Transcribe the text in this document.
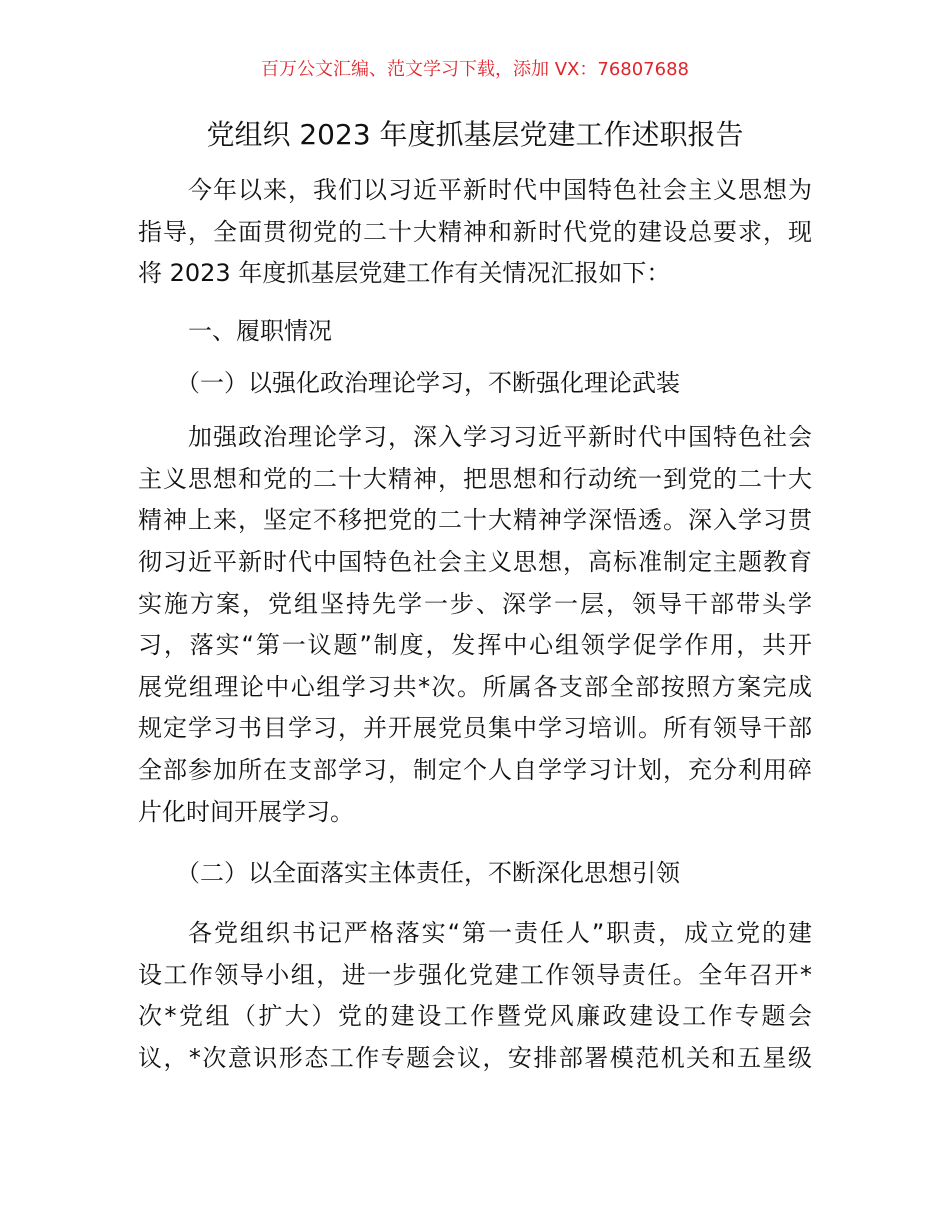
百万公文汇编、范文学习下载，添加 VX：76807688
党组织 2023 年度抓基层党建工作述职报告
今年以来，我们以习近平新时代中国特色社会主义思想为
指导，全面贯彻党的二十大精神和新时代党的建设总要求，现
将 2023 年度抓基层党建工作有关情况汇报如下：
一、履职情况
（一）以强化政治理论学习，不断强化理论武装
加强政治理论学习，深入学习习近平新时代中国特色社会
主义思想和党的二十大精神，把思想和行动统一到党的二十大
精神上来，坚定不移把党的二十大精神学深悟透。深入学习贯
彻习近平新时代中国特色社会主义思想，高标准制定主题教育
实施方案，党组坚持先学一步、深学一层，领导干部带头学
习，落实“第一议题”制度，发挥中心组领学促学作用，共开
展党组理论中心组学习共*次。所属各支部全部按照方案完成
规定学习书目学习，并开展党员集中学习培训。所有领导干部
全部参加所在支部学习，制定个人自学学习计划，充分利用碎
片化时间开展学习。
（二）以全面落实主体责任，不断深化思想引领
各党组织书记严格落实“第一责任人”职责，成立党的建
设工作领导小组，进一步强化党建工作领导责任。全年召开*
次*党组（扩大）党的建设工作暨党风廉政建设工作专题会
议，*次意识形态工作专题会议，安排部署模范机关和五星级
